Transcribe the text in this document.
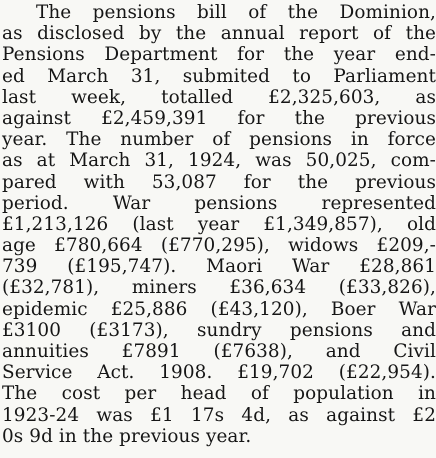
The pensions bill of the Dominion,
as disclosed by the annual report of the
Pensions Department for the year end-
ed March 31, submited to Parliament
last week, totalled £2,325,603, as
against £2,459,391 for the previous
year. The number of pensions in force
as at March 31, 1924, was 50,025, com-
pared with 53,087 for the previous
period. War pensions represented
£1,213,126 (last year £1,349,857), old
age £780,664 (£770,295), widows £209,-
739 (£195,747). Maori War £28,861
(£32,781), miners £36,634 (£33,826),
epidemic £25,886 (£43,120), Boer War
£3100 (£3173), sundry pensions and
annuities £7891 (£7638), and Civil
Service Act. 1908. £19,702 (£22,954).
The cost per head of population in
1923-24 was £1 17s 4d, as against £2
0s 9d in the previous year.
